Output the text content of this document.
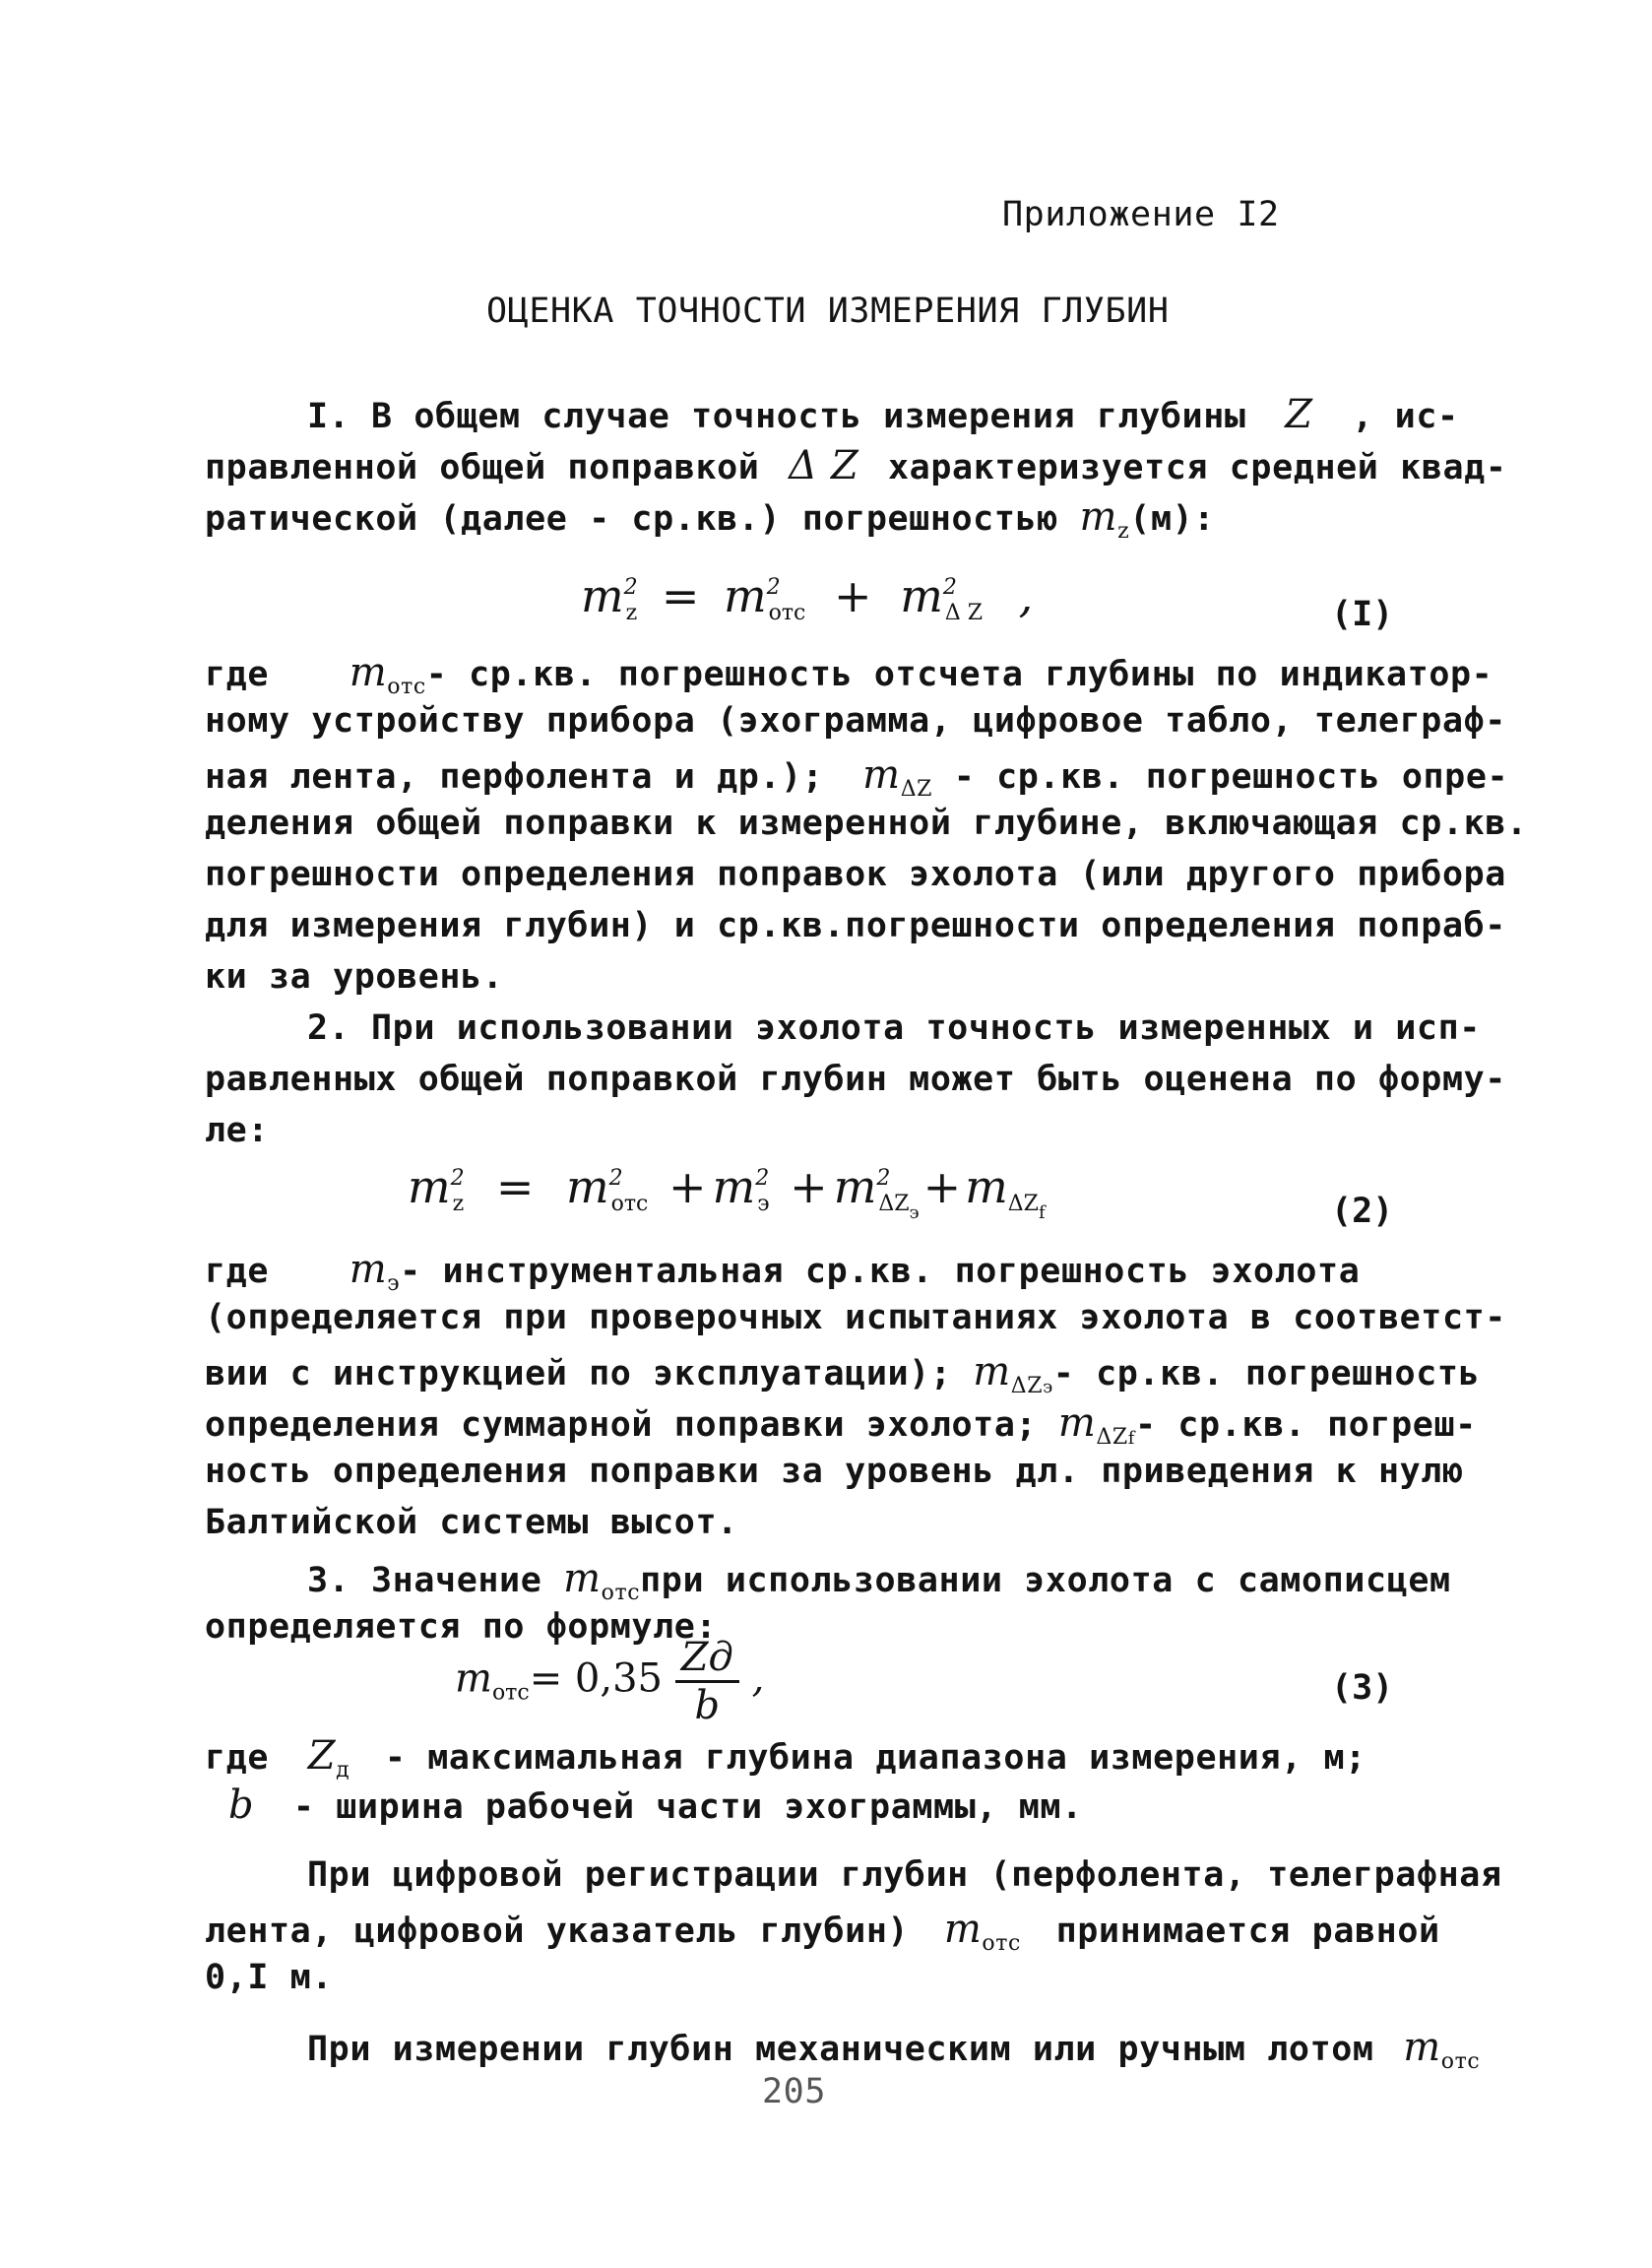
Приложение I2
ОЦЕНКА ТОЧНОСТИ ИЗМЕРЕНИЯ ГЛУБИН
I. В общем случае точность измерения глубины Z , ис-
правленной общей поправкой Δ Z характеризуется средней квад-
ратической (далее - ср.кв.) погрешностью $m_z(м)$:
$m^2_z = m^2_{отс} + m^2_{\Delta Z}$ ,	(I)
где $m_{отс}-$ ср.кв. погрешность отсчета глубины по индикатор-
ному устройству прибора (эхограмма, цифровое табло, телеграф-
ная лента, перфолента и др.); $m_{\Delta Z} - ср.кв$. погрешность опре-
деления общей поправки к измеренной глубине, включающая ср.кв.
погрешности определения поправок эхолота (или другого прибора
для измерения глубин) и ср.кв.погрешности определения попраб-
ки за уровень.
2. При использовании эхолота точность измеренных и исп-
равленных общей поправкой глубин может быть оценена по форму-
ле:
$m^2_z = m^2_{отс} + m^2_э + m^2_{\Delta Z_э}+m_{\Delta Z_f}$	(2)
где $m_э-$ инструментальная ср.кв. погрешность эхолота
(определяется при проверочных испытаниях эхолота в соответст-
вии с инструкцией по эксплуатации); $m_{\Delta Zэ}-$ ср.кв. погрешность
определения суммарной поправки эхолота; $m_{\Delta Zf}-$ ср.кв. погреш-
ность определения поправки за уровень дл. приведения к нулю
Балтийской системы высот.
3. Значение $m_{отс}при$ использовании эхолота с самописцем
определяется по формуле:
$m_{отс}= 0,35 \frac{Zд}{b}$ ,	(3)
где $Z_д$ - максимальная глубина диапазона измерения, м;
b - ширина рабочей части эхограммы, мм.
При цифровой регистрации глубин (перфолента, телеграфная
лента, цифровой указатель глубин) $m_{отс}$ принимается равной
0,I м.
При измерении глубин механическим или ручным лотом $m_{отс}$
205
